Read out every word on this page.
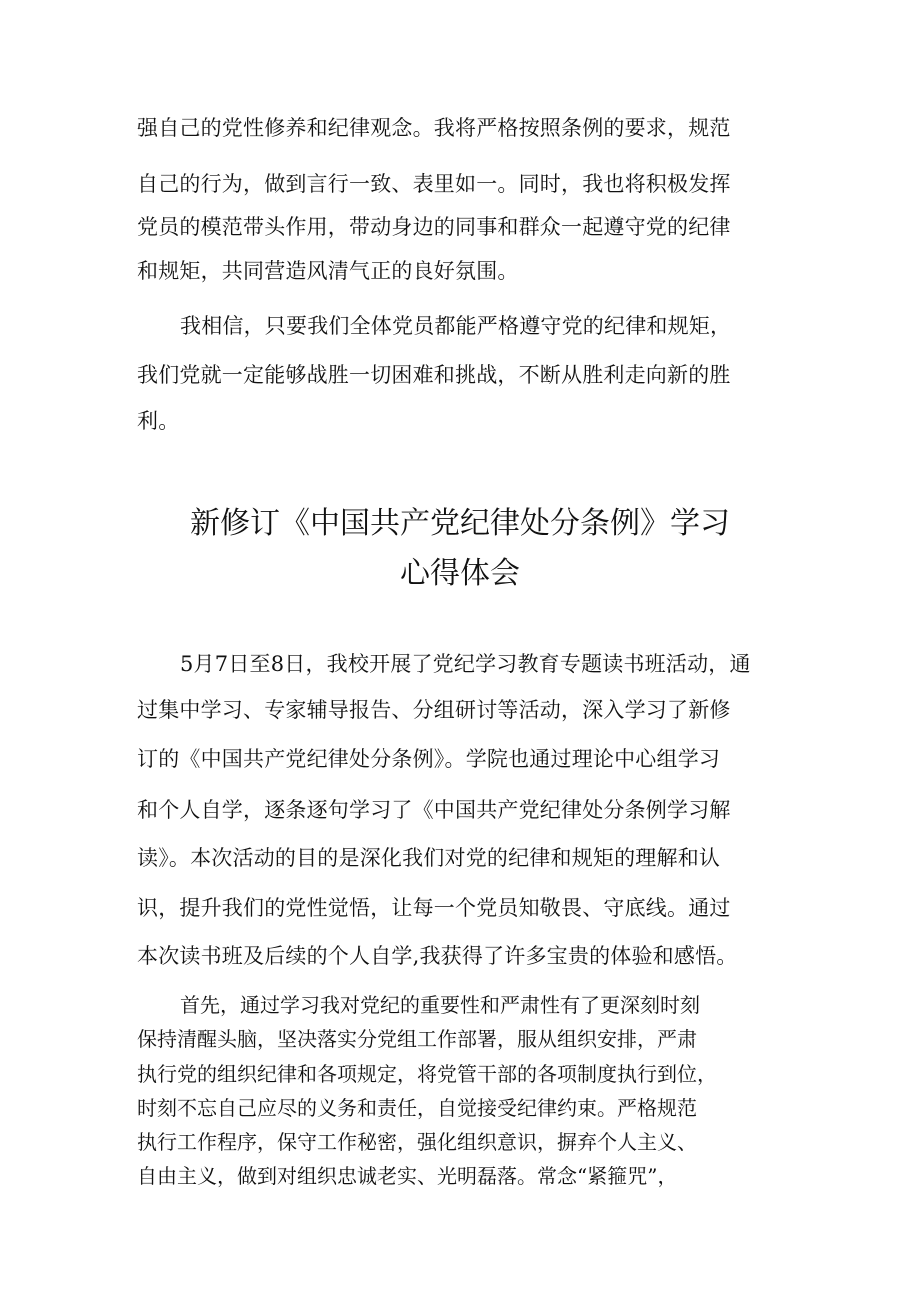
强自己的党性修养和纪律观念。我将严格按照条例的要求，规范
自己的行为，做到言行一致、表里如一。同时，我也将积极发挥
党员的模范带头作用，带动身边的同事和群众一起遵守党的纪律
和规矩，共同营造风清气正的良好氛围。
我相信，只要我们全体党员都能严格遵守党的纪律和规矩，
我们党就一定能够战胜一切困难和挑战，不断从胜利走向新的胜
利。
新修订《中国共产党纪律处分条例》学习
心得体会
5月7日至8日，我校开展了党纪学习教育专题读书班活动，通
过集中学习、专家辅导报告、分组研讨等活动，深入学习了新修
订的《中国共产党纪律处分条例》。学院也通过理论中心组学习
和个人自学，逐条逐句学习了《中国共产党纪律处分条例学习解
读》。本次活动的目的是深化我们对党的纪律和规矩的理解和认
识，提升我们的党性觉悟，让每一个党员知敬畏、守底线。通过
本次读书班及后续的个人自学,我获得了许多宝贵的体验和感悟。
首先，通过学习我对党纪的重要性和严肃性有了更深刻时刻
保持清醒头脑，坚决落实分党组工作部署，服从组织安排，严肃
执行党的组织纪律和各项规定，将党管干部的各项制度执行到位，
时刻不忘自己应尽的义务和责任，自觉接受纪律约束。严格规范
执行工作程序，保守工作秘密，强化组织意识，摒弃个人主义、
自由主义，做到对组织忠诚老实、光明磊落。常念“紧箍咒”，
